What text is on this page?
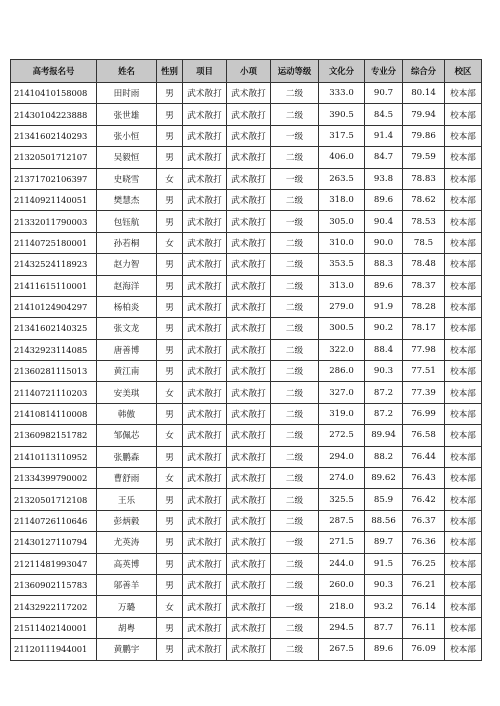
高考报名号	姓名	性别	项目	小项	运动等级	文化分	专业分	综合分	校区
21410410158008	田时雨	男	武术散打	武术散打	二级	333.0	90.7	80.14	校本部
21430104223888	张世雄	男	武术散打	武术散打	二级	390.5	84.5	79.94	校本部
21341602140293	张小恒	男	武术散打	武术散打	一级	317.5	91.4	79.86	校本部
21320501712107	吴毅恒	男	武术散打	武术散打	二级	406.0	84.7	79.59	校本部
21371702106397	史晓雪	女	武术散打	武术散打	一级	263.5	93.8	78.83	校本部
21140921140051	樊慧杰	男	武术散打	武术散打	二级	318.0	89.6	78.62	校本部
21332011790003	包钰航	男	武术散打	武术散打	一级	305.0	90.4	78.53	校本部
21140725180001	孙若桐	女	武术散打	武术散打	二级	310.0	90.0	78.5	校本部
21432524118923	赵力智	男	武术散打	武术散打	二级	353.5	88.3	78.48	校本部
21411615110001	赵海洋	男	武术散打	武术散打	二级	313.0	89.6	78.37	校本部
21410124904297	杨柏炎	男	武术散打	武术散打	二级	279.0	91.9	78.28	校本部
21341602140325	张文龙	男	武术散打	武术散打	二级	300.5	90.2	78.17	校本部
21432923114085	唐善博	男	武术散打	武术散打	二级	322.0	88.4	77.98	校本部
21360281115013	黄江南	男	武术散打	武术散打	二级	286.0	90.3	77.51	校本部
21140721110203	安美琪	女	武术散打	武术散打	二级	327.0	87.2	77.39	校本部
21410814110008	韩傲	男	武术散打	武术散打	二级	319.0	87.2	76.99	校本部
21360982151782	邹佩芯	女	武术散打	武术散打	二级	272.5	89.94	76.58	校本部
21410113110952	张鹏森	男	武术散打	武术散打	二级	294.0	88.2	76.44	校本部
21334399790002	曹舒雨	女	武术散打	武术散打	二级	274.0	89.62	76.43	校本部
21320501712108	王乐	男	武术散打	武术散打	二级	325.5	85.9	76.42	校本部
21140726110646	彭炳毅	男	武术散打	武术散打	二级	287.5	88.56	76.37	校本部
21430127110794	尤英涛	男	武术散打	武术散打	一级	271.5	89.7	76.36	校本部
21211481993047	高英博	男	武术散打	武术散打	二级	244.0	91.5	76.25	校本部
21360902115783	邬善羊	男	武术散打	武术散打	二级	260.0	90.3	76.21	校本部
21432922117202	万璐	女	武术散打	武术散打	一级	218.0	93.2	76.14	校本部
21511402140001	胡粤	男	武术散打	武术散打	二级	294.5	87.7	76.11	校本部
21120111944001	黄鹏宇	男	武术散打	武术散打	二级	267.5	89.6	76.09	校本部
